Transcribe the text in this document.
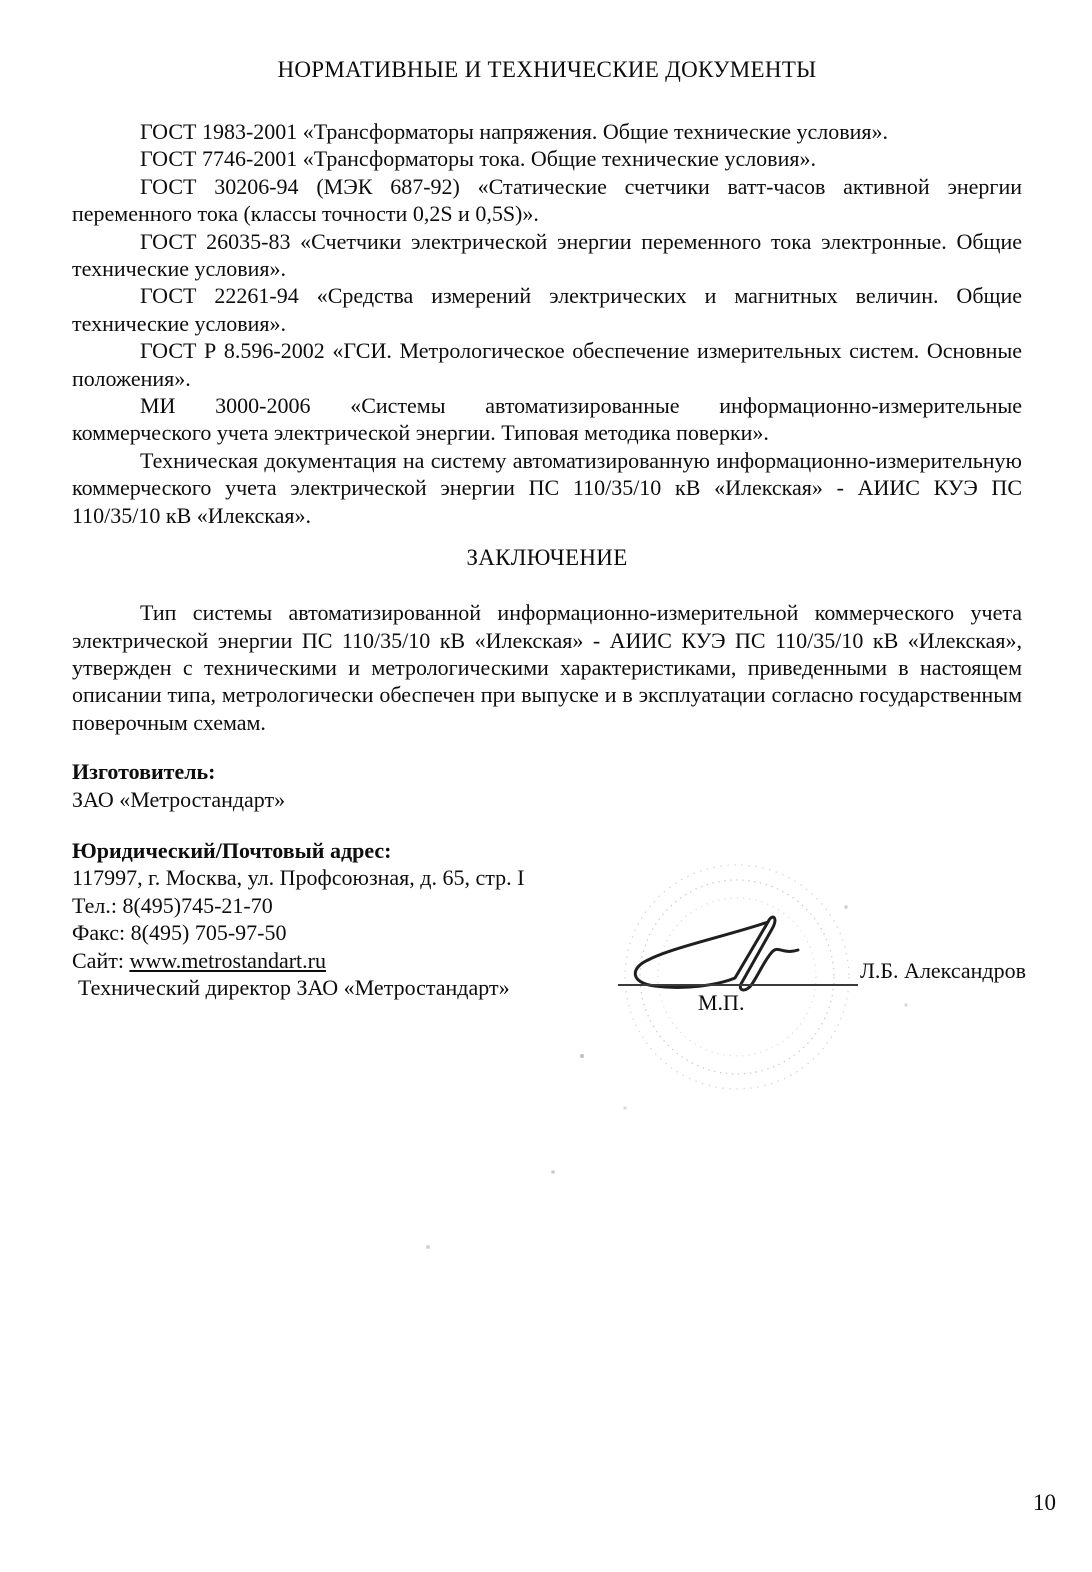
НОРМАТИВНЫЕ И ТЕХНИЧЕСКИЕ ДОКУМЕНТЫ

ГОСТ 1983-2001 «Трансформаторы напряжения. Общие технические условия».

ГОСТ 7746-2001 «Трансформаторы тока. Общие технические условия».

ГОСТ 30206-94 (МЭК 687-92) «Статические счетчики ватт-часов активной энергии переменного тока (классы точности 0,2S и 0,5S)».

ГОСТ 26035-83 «Счетчики электрической энергии переменного тока электронные. Общие технические условия».

ГОСТ 22261-94 «Средства измерений электрических и магнитных величин. Общие технические условия».

ГОСТ Р 8.596-2002 «ГСИ. Метрологическое обеспечение измерительных систем. Основные положения».

МИ 3000-2006 «Системы автоматизированные информационно-измерительные коммерческого учета электрической энергии. Типовая методика поверки».

Техническая документация на систему автоматизированную информационно-измерительную коммерческого учета электрической энергии ПС 110/35/10 кВ «Илекская» - АИИС КУЭ ПС 110/35/10 кВ «Илекская».

ЗАКЛЮЧЕНИЕ

Тип системы автоматизированной информационно-измерительной коммерческого учета электрической энергии ПС 110/35/10 кВ «Илекская» - АИИС КУЭ ПС 110/35/10 кВ «Илекская», утвержден с техническими и метрологическими характеристиками, приведенными в настоящем описании типа, метрологически обеспечен при выпуске и в эксплуатации согласно государственным поверочным схемам.

Изготовитель:

ЗАО «Метростандарт»

Юридический/Почтовый адрес:

117997, г. Москва, ул. Профсоюзная, д. 65, стр. I

Тел.: 8(495)745-21-70

Факс: 8(495) 705-97-50

Сайт: www.metrostandart.ru

Технический директор ЗАО «Метростандарт»

М.П.
Л.Б. Александров
10
